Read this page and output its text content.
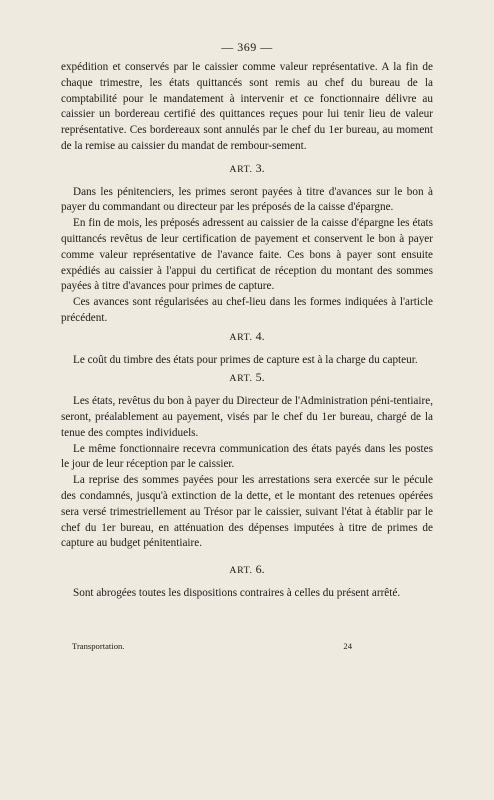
— 369 —

expédition et conservés par le caissier comme valeur représentative. A la fin de chaque trimestre, les états quittancés sont remis au chef du bureau de la comptabilité pour le mandatement à intervenir et ce fonctionnaire délivre au caissier un bordereau certifié des quittances reçues pour lui tenir lieu de valeur représentative. Ces bordereaux sont annulés par le chef du 1er bureau, au moment de la remise au caissier du mandat de rembour-sement.

ART. 3.

Dans les pénitenciers, les primes seront payées à titre d'avances sur le bon à payer du commandant ou directeur par les préposés de la caisse d'épargne.

En fin de mois, les préposés adressent au caissier de la caisse d'épargne les états quittancés revêtus de leur certification de payement et conservent le bon à payer comme valeur représentative de l'avance faite. Ces bons à payer sont ensuite expédiés au caissier à l'appui du certificat de réception du montant des sommes payées à titre d'avances pour primes de capture.

Ces avances sont régularisées au chef-lieu dans les formes indiquées à l'article précédent.

ART. 4.

Le coût du timbre des états pour primes de capture est à la charge du capteur.

ART. 5.

Les états, revêtus du bon à payer du Directeur de l'Administration péni-tentiaire, seront, préalablement au payement, visés par le chef du 1er bureau, chargé de la tenue des comptes individuels.

Le même fonctionnaire recevra communication des états payés dans les postes le jour de leur réception par le caissier.

La reprise des sommes payées pour les arrestations sera exercée sur le pécule des condamnés, jusqu'à extinction de la dette, et le montant des retenues opérées sera versé trimestriellement au Trésor par le caissier, suivant l'état à établir par le chef du 1er bureau, en atténuation des dépenses imputées à titre de primes de capture au budget pénitentiaire.

ART. 6.

Sont abrogées toutes les dispositions contraires à celles du présent arrêté.

Transportation.	24
